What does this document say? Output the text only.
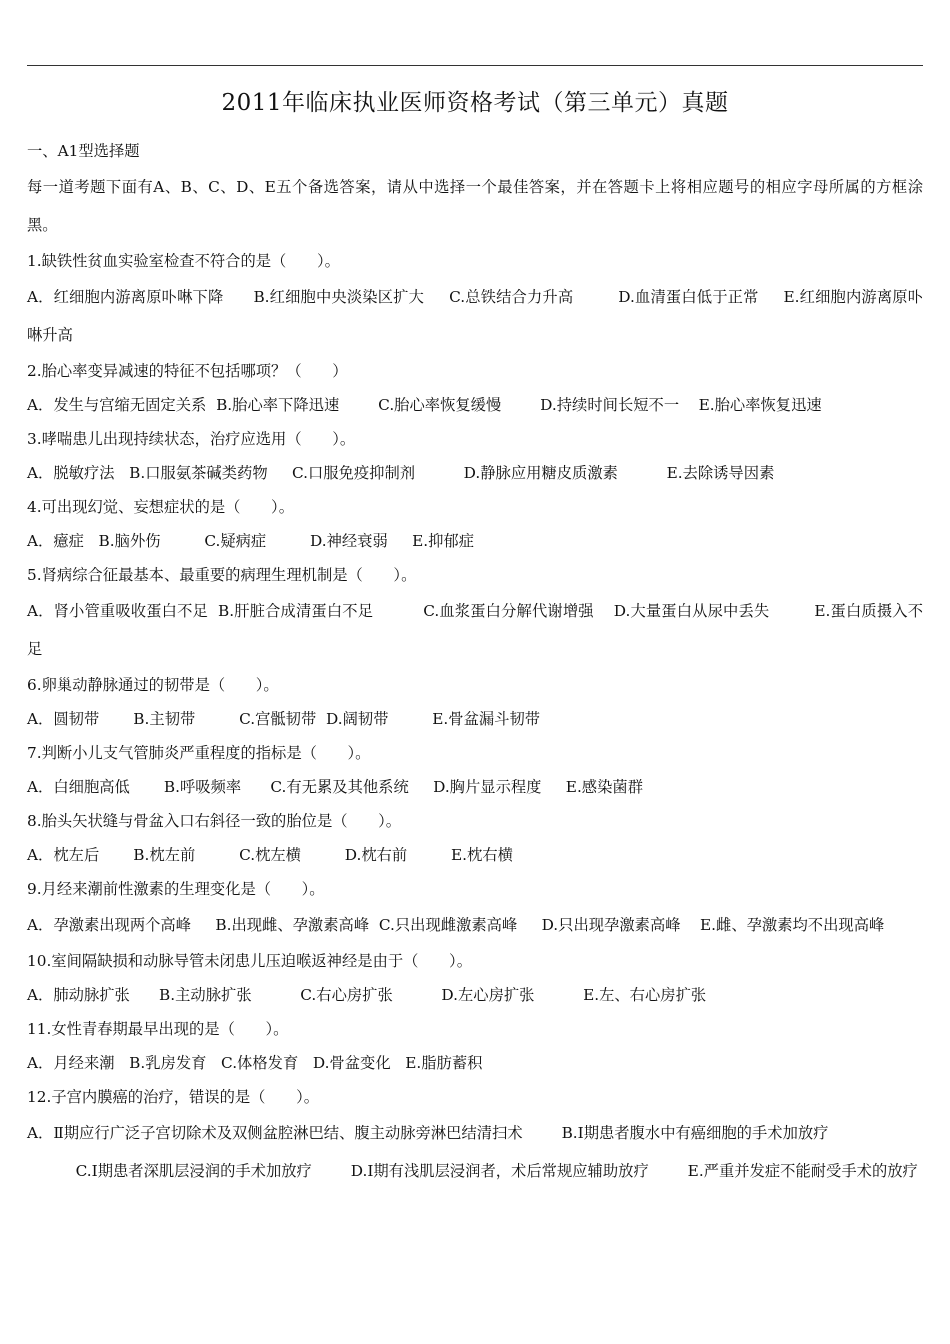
2011年临床执业医师资格考试（第三单元）真题
一、A1型选择题
每一道考题下面有A、B、C、D、E五个备选答案，请从中选择一个最佳答案，并在答题卡上将相应题号的相应字母所属的方框涂黑。
1.缺铁性贫血实验室检查不符合的是（　　）。
A．红细胞内游离原卟啉下降 B.红细胞中央淡染区扩大 C.总铁结合力升高	D.血清蛋白低于正常 E.红细胞内游离原卟啉升高
2.胎心率变异减速的特征不包括哪项？（　　）
A．发生与宫缩无固定关系 B.胎心率下降迅速	C.胎心率恢复缓慢	D.持续时间长短不一 E.胎心率恢复迅速
3.哮喘患儿出现持续状态，治疗应选用（　　）。
A．脱敏疗法 B.口服氨茶碱类药物 C.口服免疫抑制剂	D.静脉应用糖皮质激素	E.去除诱导因素
4.可出现幻觉、妄想症状的是（　　）。
A．癔症 B.脑外伤	C.疑病症	D.神经衰弱 E.抑郁症
5.肾病综合征最基本、最重要的病理生理机制是（　　）。
A．肾小管重吸收蛋白不足 B.肝脏合成清蛋白不足	C.血浆蛋白分解代谢增强 D.大量蛋白从尿中丢失	E.蛋白质摄入不足
6.卵巢动静脉通过的韧带是（　　）。
A．圆韧带 B.主韧带	C.宫骶韧带 D.阔韧带	E.骨盆漏斗韧带
7.判断小儿支气管肺炎严重程度的指标是（　　）。
A．白细胞高低 B.呼吸频率 C.有无累及其他系统 D.胸片显示程度 E.感染菌群
8.胎头矢状缝与骨盆入口右斜径一致的胎位是（　　）。
A．枕左后 B.枕左前	C.枕左横	D.枕右前	E.枕右横
9.月经来潮前性激素的生理变化是（　　）。
A．孕激素出现两个高峰 B.出现雌、孕激素高峰 C.只出现雌激素高峰 D.只出现孕激素高峰 E.雌、孕激素均不出现高峰
10.室间隔缺损和动脉导管未闭患儿压迫喉返神经是由于（　　）。
A．肺动脉扩张 B.主动脉扩张	C.右心房扩张	D.左心房扩张	E.左、右心房扩张
11.女性青春期最早出现的是（　　）。
A．月经来潮 B.乳房发育 C.体格发育 D.骨盆变化 E.脂肪蓄积
12.子宫内膜癌的治疗，错误的是（　　）。
A．Ⅱ期应行广泛子宫切除术及双侧盆腔淋巴结、腹主动脉旁淋巴结清扫术	B.Ⅰ期患者腹水中有癌细胞的手术加放疗
C.Ⅰ期患者深肌层浸润的手术加放疗	D.Ⅰ期有浅肌层浸润者，术后常规应辅助放疗	E.严重并发症不能耐受手术的放疗
